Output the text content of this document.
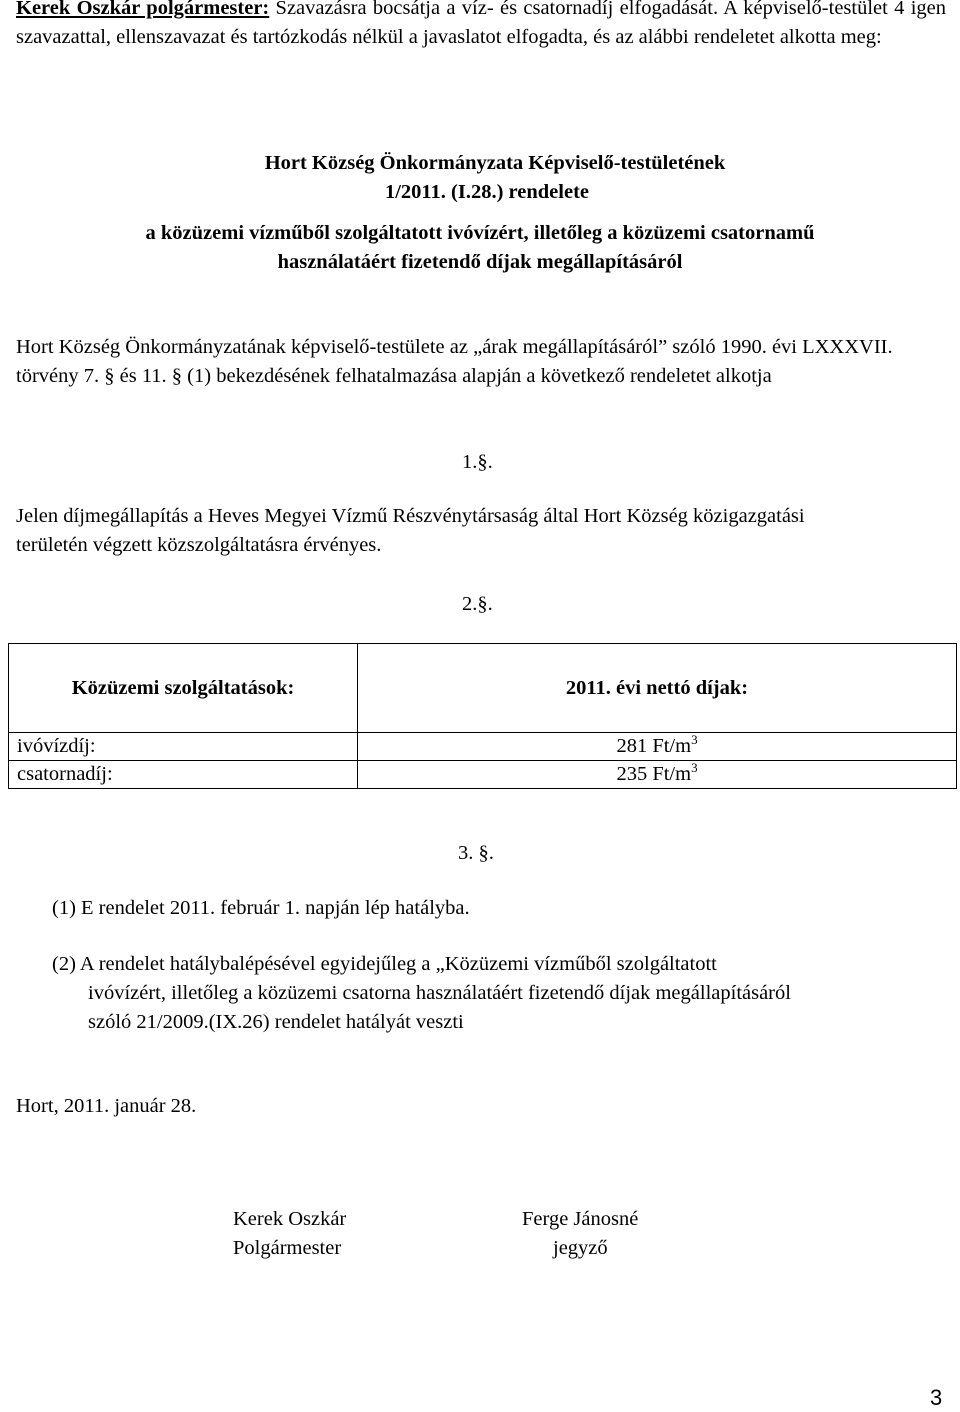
Kerek Oszkár polgármester: Szavazásra bocsátja a víz- és csatornadíj elfogadását. A képviselő-testület 4 igen szavazattal, ellenszavazat és tartózkodás nélkül a javaslatot elfogadta, és az alábbi rendeletet alkotta meg:
Hort Község Önkormányzata Képviselő-testületének
1/2011. (I.28.) rendelete
a közüzemi vízműből szolgáltatott ivóvízért, illetőleg a közüzemi csatornamű
használatáért fizetendő díjak megállapításáról
Hort Község Önkormányzatának képviselő-testülete az „árak megállapításáról” szóló 1990. évi LXXXVII. törvény 7. § és 11. § (1) bekezdésének felhatalmazása alapján a következő rendeletet alkotja
1.§.
Jelen díjmegállapítás a Heves Megyei Vízmű Részvénytársaság által Hort Község közigazgatási területén végzett közszolgáltatásra érvényes.
2.§.
Közüzemi szolgáltatások:	2011. évi nettó díjak:
ivóvízdíj:	281 $Ft/m^3$
csatornadíj:	235 $Ft/m^3$
3. §.
(1) E rendelet 2011. február 1. napján lép hatályba.
(2) A rendelet hatálybalépésével egyidejűleg a „Közüzemi vízműből szolgáltatott
ivóvízért, illetőleg a közüzemi csatorna használatáért fizetendő díjak megállapításáról
szóló 21/2009.(IX.26) rendelet hatályát veszti
Hort, 2011. január 28.
Kerek Oszkár
Polgármester
Ferge Jánosné
jegyző
3
